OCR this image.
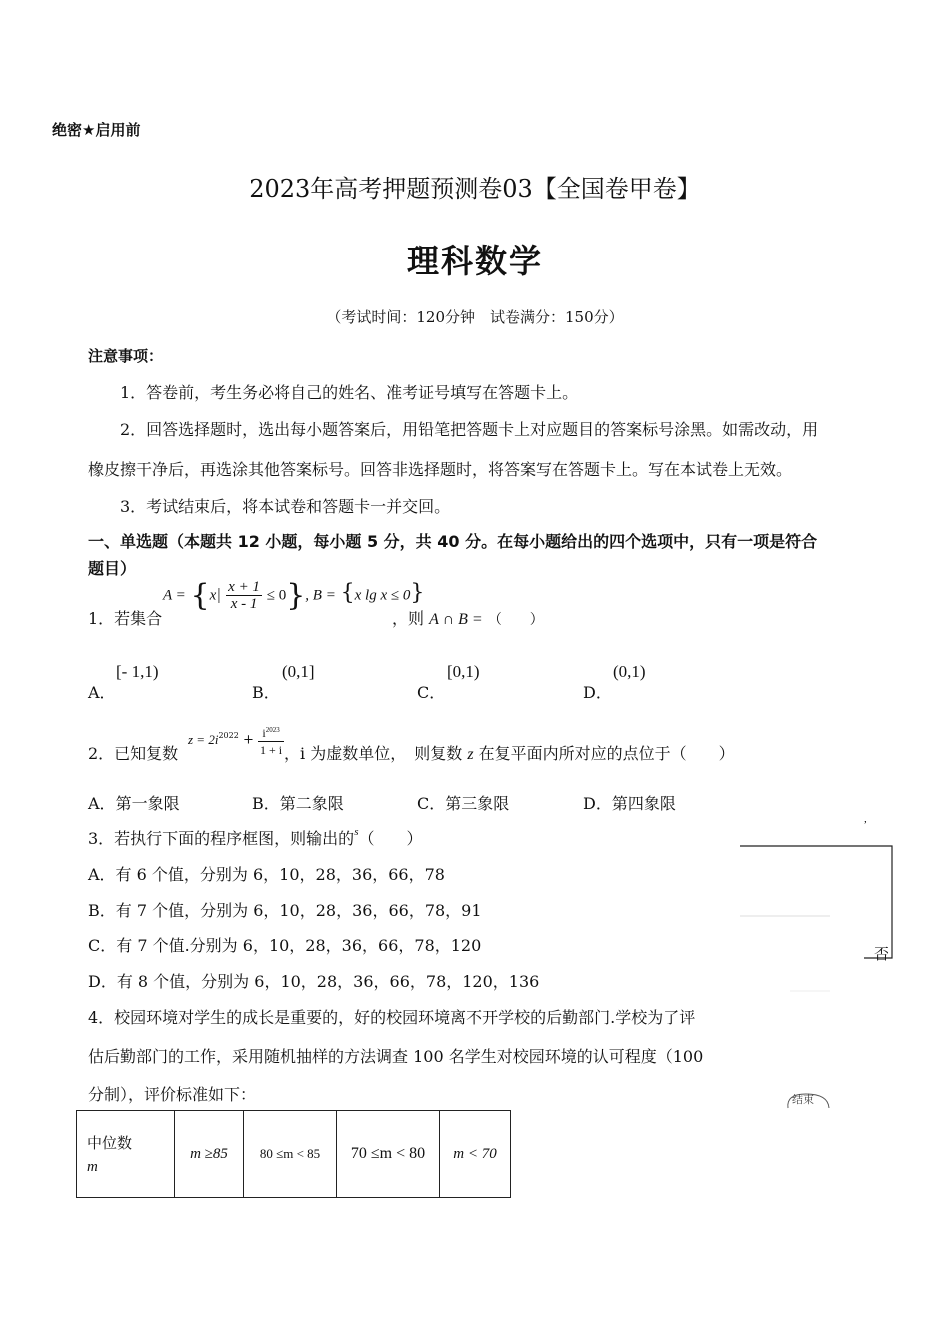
绝密★启用前
2023年高考押题预测卷03【全国卷甲卷】
理科数学
（考试时间：120分钟　试卷满分：150分）
注意事项：
1．答卷前，考生务必将自己的姓名、准考证号填写在答题卡上。
2．回答选择题时，选出每小题答案后，用铅笔把答题卡上对应题目的答案标号涂黑。如需改动，用
橡皮擦干净后，再选涂其他答案标号。回答非选择题时，将答案写在答题卡上。写在本试卷上无效。
3．考试结束后，将本试卷和答题卡一并交回。
一、单选题（本题共 12 小题，每小题 5 分，共 40 分。在每小题给出的四个选项中，只有一项是符合
题目）
1．若集合
$A = \{x| \frac{x + 1}{x - 1} \le 0\}$, B = {x lg x ≤ 0}
，则 A ∩ B = （　　）
A．
[- 1,1)
B．
(0,1]
C．
[0,1)
D．
(0,1)
2．已知复数
$z = 2i^{2022} + \frac{i^{2023}}{1 + i}$ ，i 为虚数单位，　则复数 z 在复平面内所对应的点位于（　　）
A．第一象限	B．第二象限	C．第三象限	D．第四象限
3．若执行下面的程序框图，则输出的$^s$（　　）
A．有 6 个值，分别为 6，10，28，36，66，78
B．有 7 个值，分别为 6，10，28，36，66，78，91
C．有 7 个值.分别为 6，10，28，36，66，78，120
D．有 8 个值，分别为 6，10，28，36，66，78，120，136
,
否
结束
4．校园环境对学生的成长是重要的，好的校园环境离不开学校的后勤部门.学校为了评
估后勤部门的工作，采用随机抽样的方法调查 100 名学生对校园环境的认可程度（100
分制），评价标准如下：
中位数
m
	m ≥85	80 ≤m < 85	70 ≤m < 80	m < 70
